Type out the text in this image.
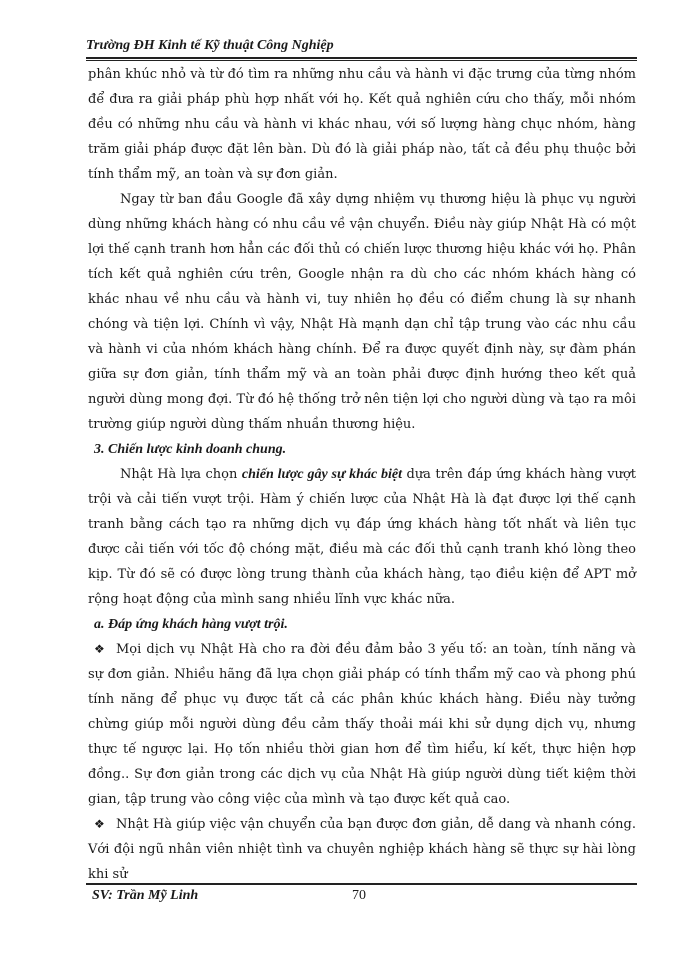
Trường ĐH Kinh tế Kỹ thuật Công Nghiệp

phân khúc nhỏ và từ đó tìm ra những nhu cầu và hành vi đặc trưng của từng nhóm để đưa ra giải pháp phù hợp nhất với họ. Kết quả nghiên cứu cho thấy, mỗi nhóm đều có những nhu cầu và hành vi khác nhau, với số lượng hàng chục nhóm, hàng trăm giải pháp được đặt lên bàn. Dù đó là giải pháp nào, tất cả đều phụ thuộc bởi tính thẩm mỹ, an toàn và sự đơn giản.

Ngay từ ban đầu Google đã xây dựng nhiệm vụ thương hiệu là phục vụ người dùng những khách hàng có nhu cầu về vận chuyển. Điều này giúp Nhật Hà có một lợi thế cạnh tranh hơn hẳn các đối thủ có chiến lược thương hiệu khác với họ. Phân tích kết quả nghiên cứu trên, Google nhận ra dù cho các nhóm khách hàng có khác nhau về nhu cầu và hành vi, tuy nhiên họ đều có điểm chung là sự nhanh chóng và tiện lợi. Chính vì vậy, Nhật Hà mạnh dạn chỉ tập trung vào các nhu cầu và hành vi của nhóm khách hàng chính. Để ra được quyết định này, sự đàm phán giữa sự đơn giản, tính thẩm mỹ và an toàn phải được định hướng theo kết quả người dùng mong đợi. Từ đó hệ thống trở nên tiện lợi cho người dùng và tạo ra môi trường giúp người dùng thấm nhuần thương hiệu.

3. Chiến lược kinh doanh chung.

Nhật Hà lựa chọn chiến lược gây sự khác biệt dựa trên đáp ứng khách hàng vượt trội và cải tiến vượt trội. Hàm ý chiến lược của Nhật Hà là đạt được lợi thế cạnh tranh bằng cách tạo ra những dịch vụ đáp ứng khách hàng tốt nhất và liên tục được cải tiến với tốc độ chóng mặt, điều mà các đối thủ cạnh tranh khó lòng theo kịp. Từ đó sẽ có được lòng trung thành của khách hàng, tạo điều kiện để APT mở rộng hoạt động của mình sang nhiều lĩnh vực khác nữa.

a. Đáp ứng khách hàng vượt trội.

❖ Mọi dịch vụ Nhật Hà cho ra đời đều đảm bảo 3 yếu tố: an toàn, tính năng và sự đơn giản. Nhiều hãng đã lựa chọn giải pháp có tính thẩm mỹ cao và phong phú tính năng để phục vụ được tất cả các phân khúc khách hàng. Điều này tưởng chừng giúp mỗi người dùng đều cảm thấy thoải mái khi sử dụng dịch vụ, nhưng thực tế ngược lại. Họ tốn nhiều thời gian hơn để tìm hiểu, kí kết, thực hiện hợp đồng.. Sự đơn giản trong các dịch vụ của Nhật Hà giúp người dùng tiết kiệm thời gian, tập trung vào công việc của mình và tạo được kết quả cao.

❖ Nhật Hà giúp việc vận chuyển của bạn được đơn giản, dễ dang và nhanh cóng. Với đội ngũ nhân viên nhiệt tình va chuyên nghiệp khách hàng sẽ thực sự hài lòng khi sử

SV: Trần Mỹ Linh	70
